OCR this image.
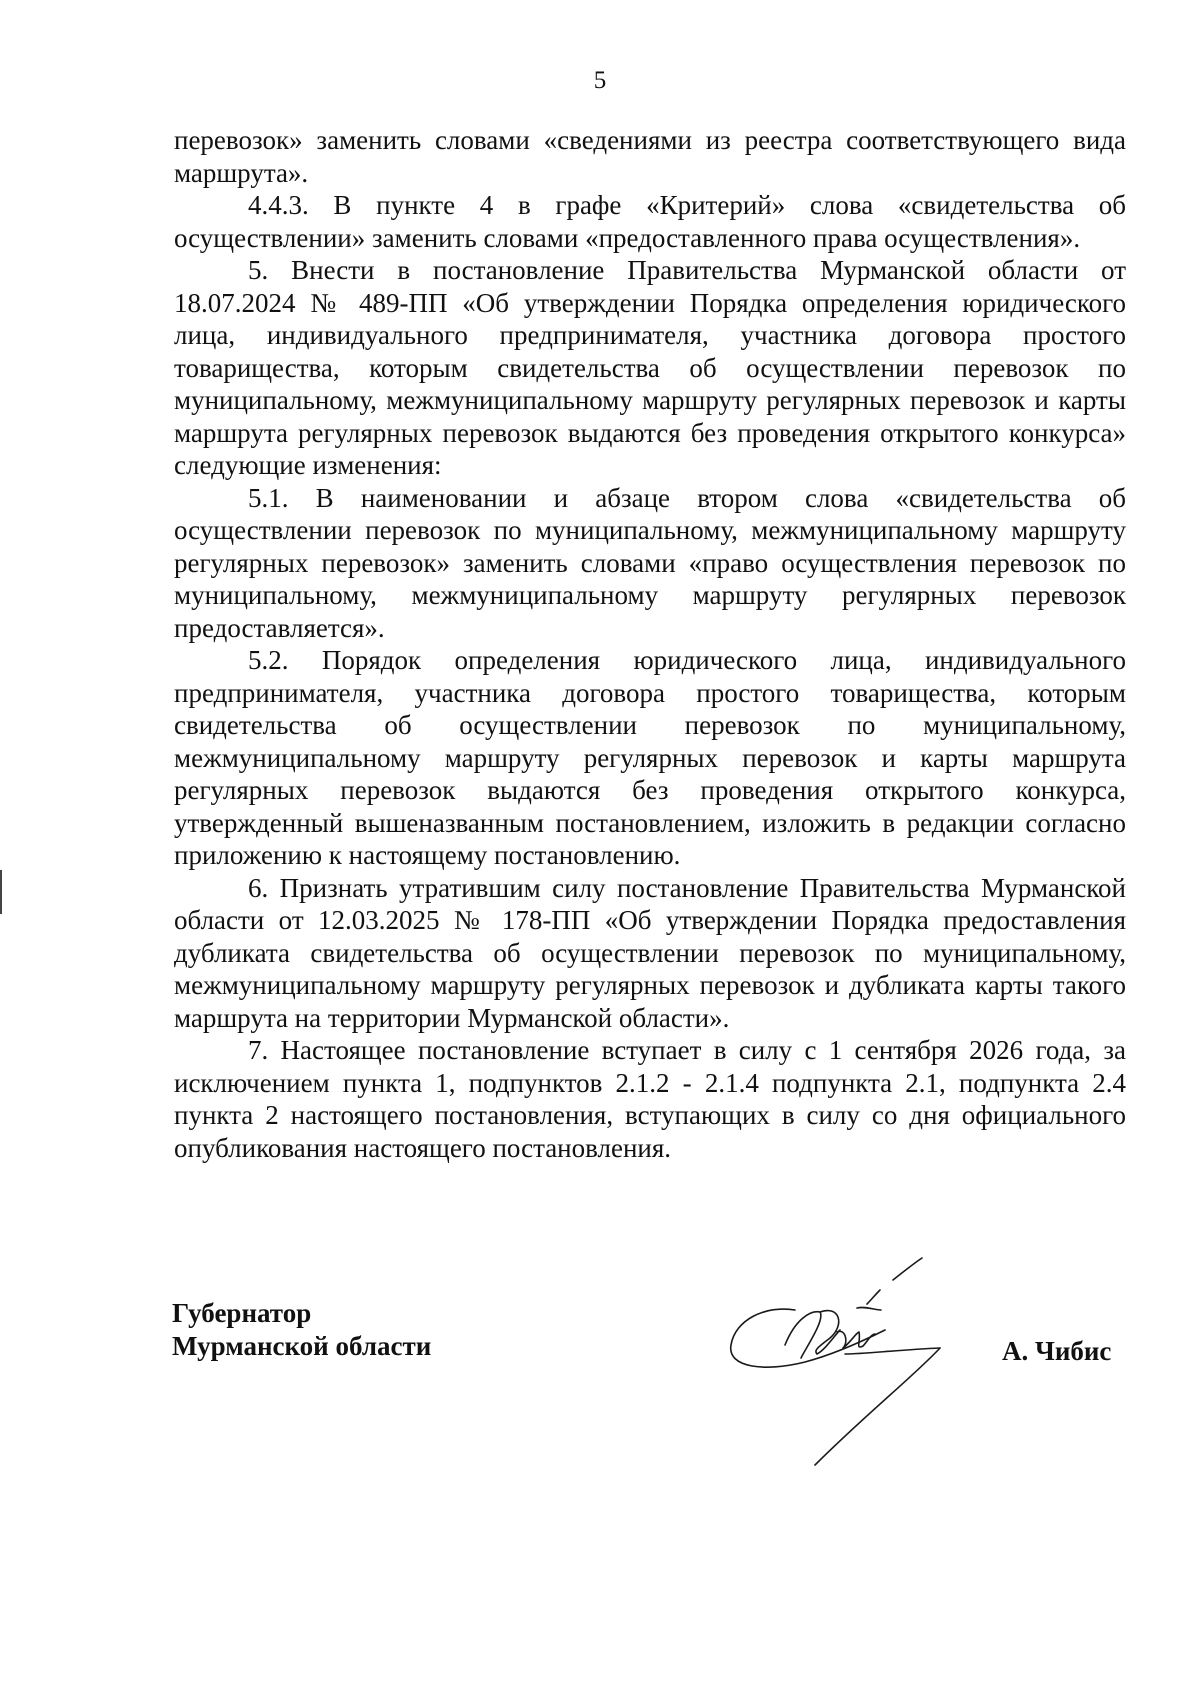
5

перевозок» заменить словами «сведениями из реестра соответствующего вида маршрута».

4.4.3. В пункте 4 в графе «Критерий» слова «свидетельства об осуществлении» заменить словами «предоставленного права осуществления».

5. Внести в постановление Правительства Мурманской области от 18.07.2024 № 489-ПП «Об утверждении Порядка определения юридического лица, индивидуального предпринимателя, участника договора простого товарищества, которым свидетельства об осуществлении перевозок по муниципальному, межмуниципальному маршруту регулярных перевозок и карты маршрута регулярных перевозок выдаются без проведения открытого конкурса» следующие изменения:

5.1. В наименовании и абзаце втором слова «свидетельства об осуществлении перевозок по муниципальному, межмуниципальному маршруту регулярных перевозок» заменить словами «право осуществления перевозок по муниципальному, межмуниципальному маршруту регулярных перевозок предоставляется».

5.2. Порядок определения юридического лица, индивидуального предпринимателя, участника договора простого товарищества, которым свидетельства об осуществлении перевозок по муниципальному, межмуниципальному маршруту регулярных перевозок и карты маршрута регулярных перевозок выдаются без проведения открытого конкурса, утвержденный вышеназванным постановлением, изложить в редакции согласно приложению к настоящему постановлению.

6. Признать утратившим силу постановление Правительства Мурманской области от 12.03.2025 № 178-ПП «Об утверждении Порядка предоставления дубликата свидетельства об осуществлении перевозок по муниципальному, межмуниципальному маршруту регулярных перевозок и дубликата карты такого маршрута на территории Мурманской области».

7. Настоящее постановление вступает в силу с 1 сентября 2026 года, за исключением пункта 1, подпунктов 2.1.2 - 2.1.4 подпункта 2.1, подпункта 2.4 пункта 2 настоящего постановления, вступающих в силу со дня официального опубликования настоящего постановления.

Губернатор
Мурманской области	А. Чибис
